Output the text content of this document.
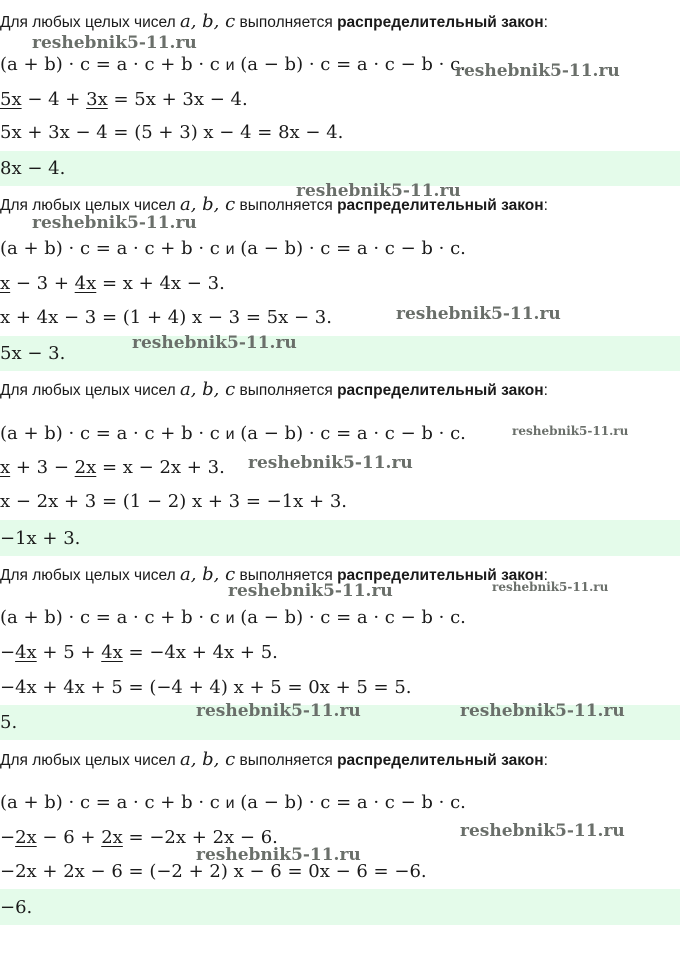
Для любых целых чисел a, b, c выполняется распределительный закон:
(a + b) · c = a · c + b · c и (a − b) · c = a · c − b · c.
5x − 4 + 3x = 5x + 3x − 4.
5x + 3x − 4 = (5 + 3) x − 4 = 8x − 4.
8x − 4.
Для любых целых чисел a, b, c выполняется распределительный закон:
(a + b) · c = a · c + b · c и (a − b) · c = a · c − b · c.
x − 3 + 4x = x + 4x − 3.
x + 4x − 3 = (1 + 4) x − 3 = 5x − 3.
5x − 3.
Для любых целых чисел a, b, c выполняется распределительный закон:
(a + b) · c = a · c + b · c и (a − b) · c = a · c − b · c.
x + 3 − 2x = x − 2x + 3.
x − 2x + 3 = (1 − 2) x + 3 = −1x + 3.
−1x + 3.
Для любых целых чисел a, b, c выполняется распределительный закон:
(a + b) · c = a · c + b · c и (a − b) · c = a · c − b · c.
−4x + 5 + 4x = −4x + 4x + 5.
−4x + 4x + 5 = (−4 + 4) x + 5 = 0x + 5 = 5.
5.
Для любых целых чисел a, b, c выполняется распределительный закон:
(a + b) · c = a · c + b · c и (a − b) · c = a · c − b · c.
−2x − 6 + 2x = −2x + 2x − 6.
−2x + 2x − 6 = (−2 + 2) x − 6 = 0x − 6 = −6.
−6.
reshebnik5-11.ru
reshebnik5-11.ru
reshebnik5-11.ru
reshebnik5-11.ru
reshebnik5-11.ru
reshebnik5-11.ru
reshebnik5-11.ru
reshebnik5-11.ru
reshebnik5-11.ru	reshebnik5-11.ru
reshebnik5-11.ru	reshebnik5-11.ru
reshebnik5-11.ru
reshebnik5-11.ru
